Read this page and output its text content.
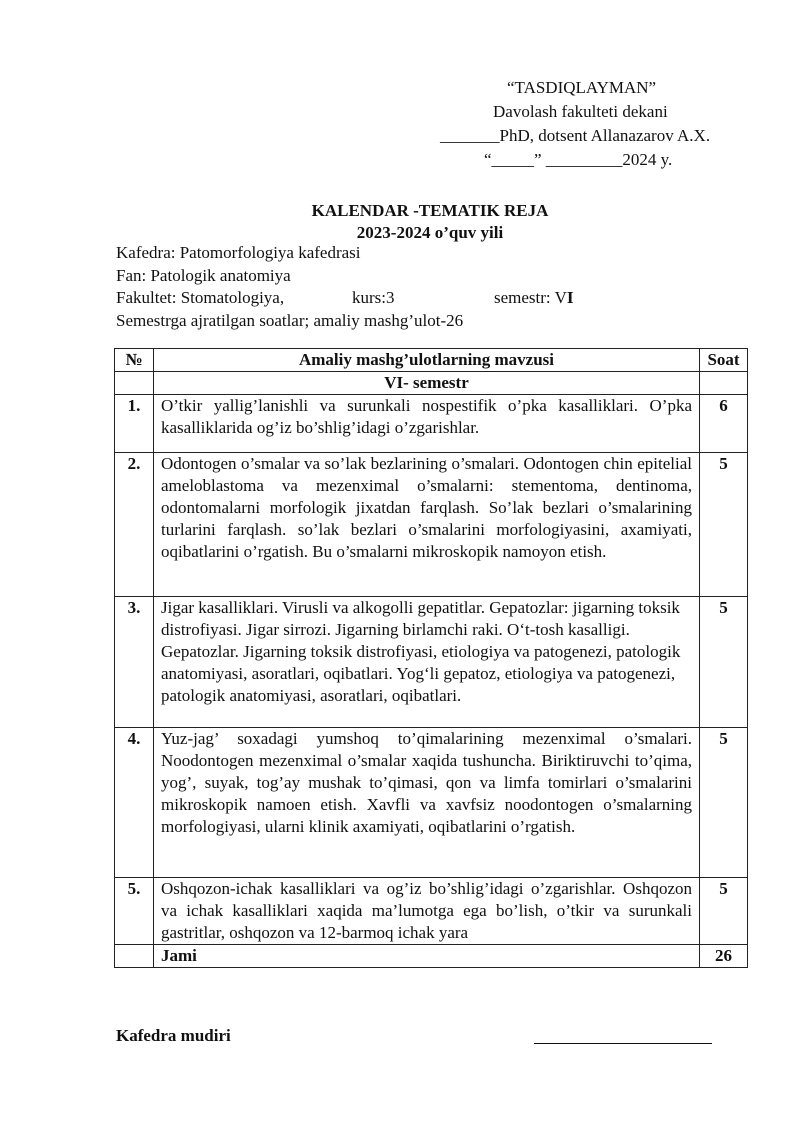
“TASDIQLAYMAN”
Davolash fakulteti dekani
_______PhD, dotsent Allanazarov A.X.
“_____” _________2024 y.
KALENDAR -TEMATIK REJA
2023-2024 o’quv yili
Kafedra: Patomorfologiya kafedrasi
Fan: Patologik anatomiya
Fakultet: Stomatologiya,	kurs:3	semestr: VI
Semestrga ajratilgan soatlar; amaliy mashg’ulot-26
№	Amaliy mashg’ulotlarning mavzusi	Soat
	VI- semestr	
1.	O’tkir yallig’lanishli va surunkali nospestifik o’pka kasalliklari. O’pka kasalliklarida og’iz bo’shlig’idagi o’zgarishlar.	6
2.	Odontogen o’smalar va so’lak bezlarining o’smalari. Odontogen chin epitelial ameloblastoma va mezenximal o’smalarni: stementoma, dentinoma, odontomalarni morfologik jixatdan farqlash. So’lak bezlari o’smalarining turlarini farqlash. so’lak bezlari o’smalarini morfologiyasini, axamiyati, oqibatlarini o’rgatish. Bu o’smalarni mikroskopik namoyon etish.	5
3.	Jigar kasalliklari. Virusli va alkogolli gepatitlar. Gepatozlar: jigarning toksik distrofiyasi. Jigar sirrozi. Jigarning birlamchi raki. O‘t-tosh kasalligi. Gepatozlar. Jigarning toksik distrofiyasi, etiologiya va patogenezi, patologik anatomiyasi, asoratlari, oqibatlari. Yog‘li gepatoz, etiologiya va patogenezi, patologik anatomiyasi, asoratlari, oqibatlari.	5
4.	Yuz-jag’ soxadagi yumshoq to’qimalarining mezenximal o’smalari. Noodontogen mezenximal o’smalar xaqida tushuncha. Biriktiruvchi to’qima, yog’, suyak, tog’ay mushak to’qimasi, qon va limfa tomirlari o’smalarini mikroskopik namoen etish. Xavfli va xavfsiz noodontogen o’smalarning morfologiyasi, ularni klinik axamiyati, oqibatlarini o’rgatish.	5
5.	Oshqozon-ichak kasalliklari va og’iz bo’shlig’idagi o’zgarishlar. Oshqozon va ichak kasalliklari xaqida ma’lumotga ega bo’lish, o’tkir va surunkali gastritlar, oshqozon va 12-barmoq ichak yara	5
	Jami	26
Kafedra mudiri
